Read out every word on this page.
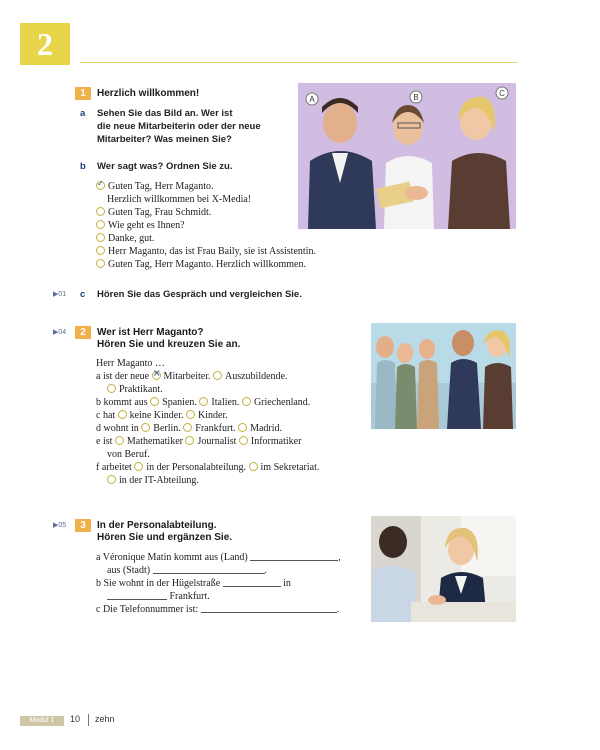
2
1	Herzlich willkommen!
a Sehen Sie das Bild an. Wer ist
die neue Mitarbeiterin oder der neue
Mitarbeiter? Was meinen Sie?
b Wer sagt was? Ordnen Sie zu.
✓Guten Tag, Herr Maganto.
Herzlich willkommen bei X-Media!
Guten Tag, Frau Schmidt.
Wie geht es Ihnen?
Danke, gut.
Herr Maganto, das ist Frau Baily, sie ist Assistentin.
Guten Tag, Herr Maganto. Herzlich willkommen.
▶01 c Hören Sie das Gespräch und vergleichen Sie.
A	B	C
▶04	2	Wer ist Herr Maganto?
Hören Sie und kreuzen Sie an.
Herr Maganto …
a ist der neue × Mitarbeiter. Auszubildende.
Praktikant.
b kommt aus Spanien. Italien. Griechenland.
c hat keine Kinder. Kinder.
d wohnt in Berlin. Frankfurt. Madrid.
e ist Mathematiker Journalist Informatiker
von Beruf.
f arbeitet in der Personalabteilung. im Sekretariat.
in der IT-Abteilung.
▶05	3	In der Personalabteilung.
Hören Sie und ergänzen Sie.
a Véronique Matin kommt aus (Land)	,
aus (Stadt)	.
b Sie wohnt in der Hügelstraße	in
Frankfurt.
c Die Telefonnummer ist:	.
Modul 1	10 zehn
